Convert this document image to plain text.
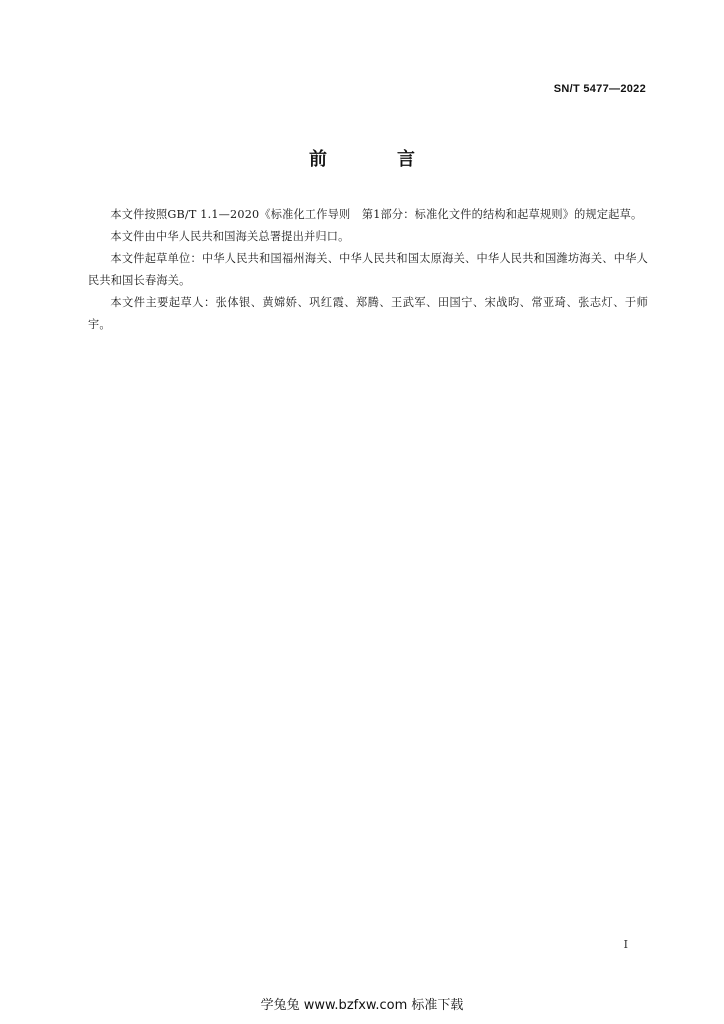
SN/T 5477—2022
前　言

本文件按照GB/T 1.1—2020《标准化工作导则　第1部分：标准化文件的结构和起草规则》的规定起草。

本文件由中华人民共和国海关总署提出并归口。

本文件起草单位：中华人民共和国福州海关、中华人民共和国太原海关、中华人民共和国潍坊海关、中华人民共和国长春海关。

本文件主要起草人：张体银、黄嫦娇、巩红霞、郑腾、王武军、田国宁、宋战昀、常亚琦、张志灯、于师宇。

I
学兔兔 www.bzfxw.com 标准下载
